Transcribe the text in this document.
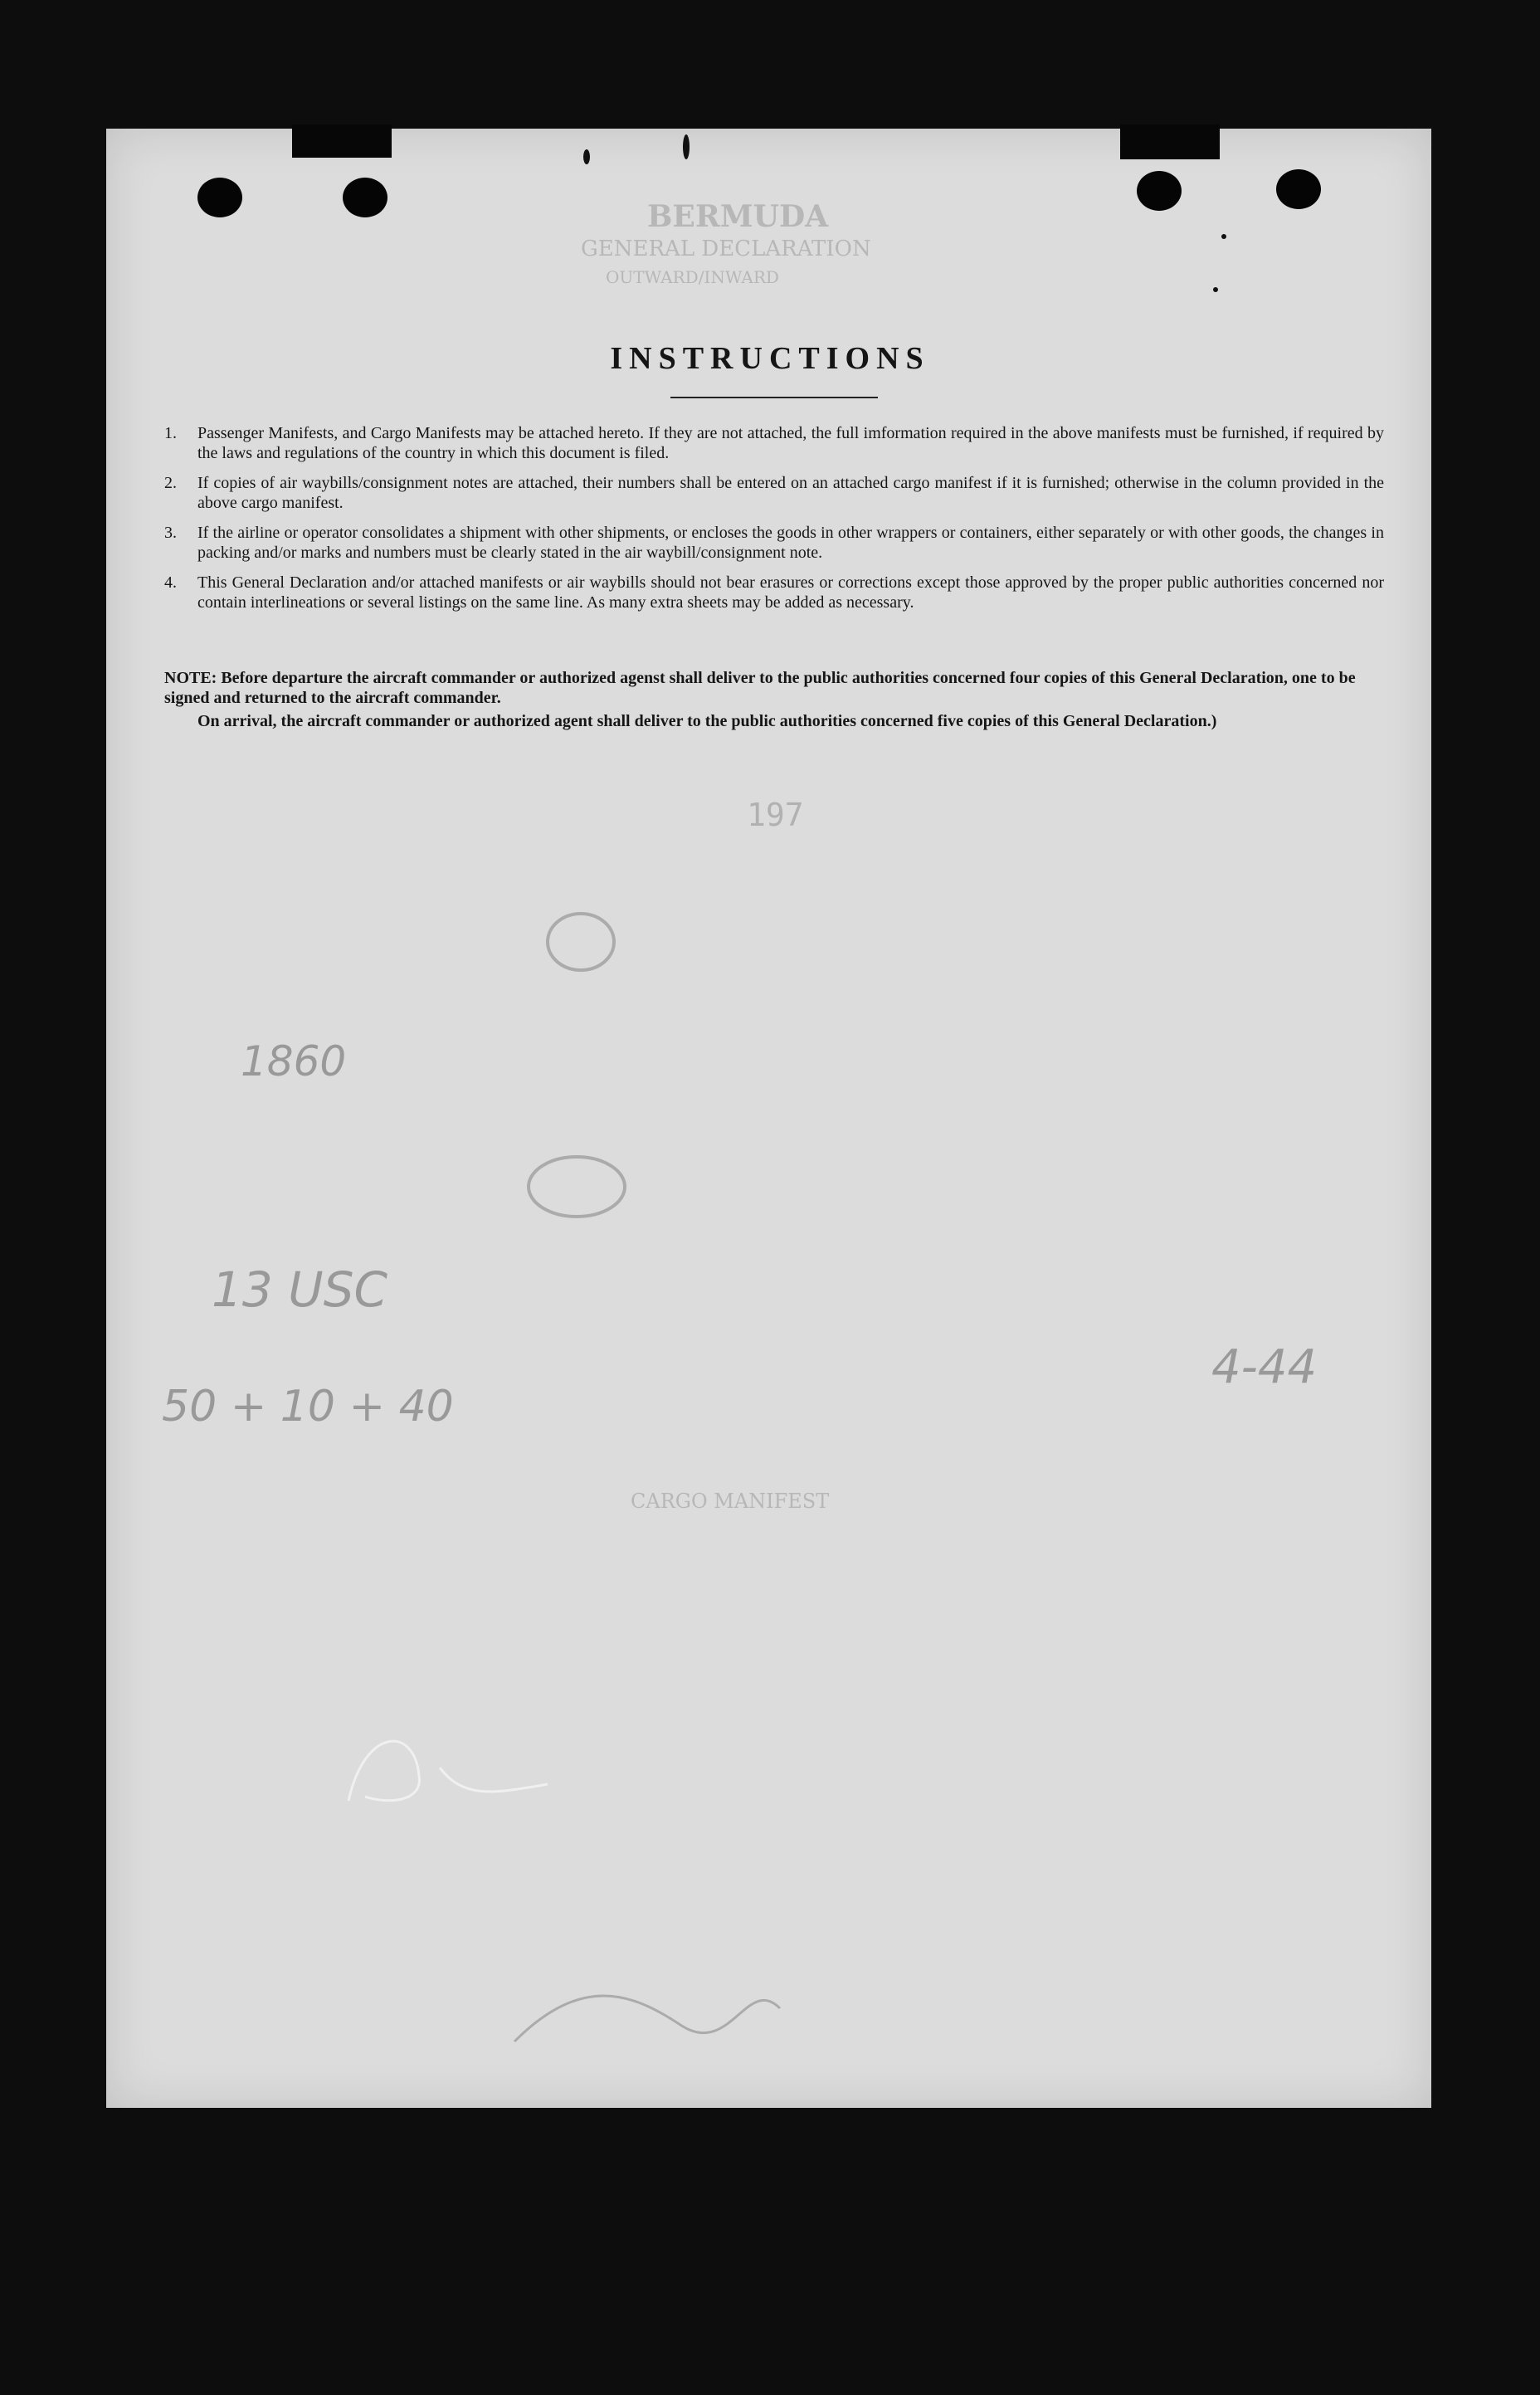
BERMUDA
GENERAL DECLARATION
OUTWARD/INWARD
CARGO MANIFEST
INSTRUCTIONS
1.	Passenger Manifests, and Cargo Manifests may be attached hereto. If they are not attached, the full imformation required in the above manifests must be furnished, if required by the laws and regulations of the country in which this document is filed.
2.	If copies of air waybills/consignment notes are attached, their numbers shall be entered on an attached cargo manifest if it is furnished; otherwise in the column provided in the above cargo manifest.
3.	If the airline or operator consolidates a shipment with other shipments, or encloses the goods in other wrappers or containers, either separately or with other goods, the changes in packing and/or marks and numbers must be clearly stated in the air waybill/consignment note.
4.	This General Declaration and/or attached manifests or air waybills should not bear erasures or corrections except those approved by the proper public authorities concerned nor contain interlineations or several listings on the same line. As many extra sheets may be added as necessary.

NOTE: Before departure the aircraft commander or authorized agenst shall deliver to the public authorities concerned four copies of this General Declaration, one to be signed and returned to the aircraft commander.

On arrival, the aircraft commander or authorized agent shall deliver to the public authorities concerned five copies of this General Declaration.)

197
4-44
1860
13 USC
50 + 10 + 40
